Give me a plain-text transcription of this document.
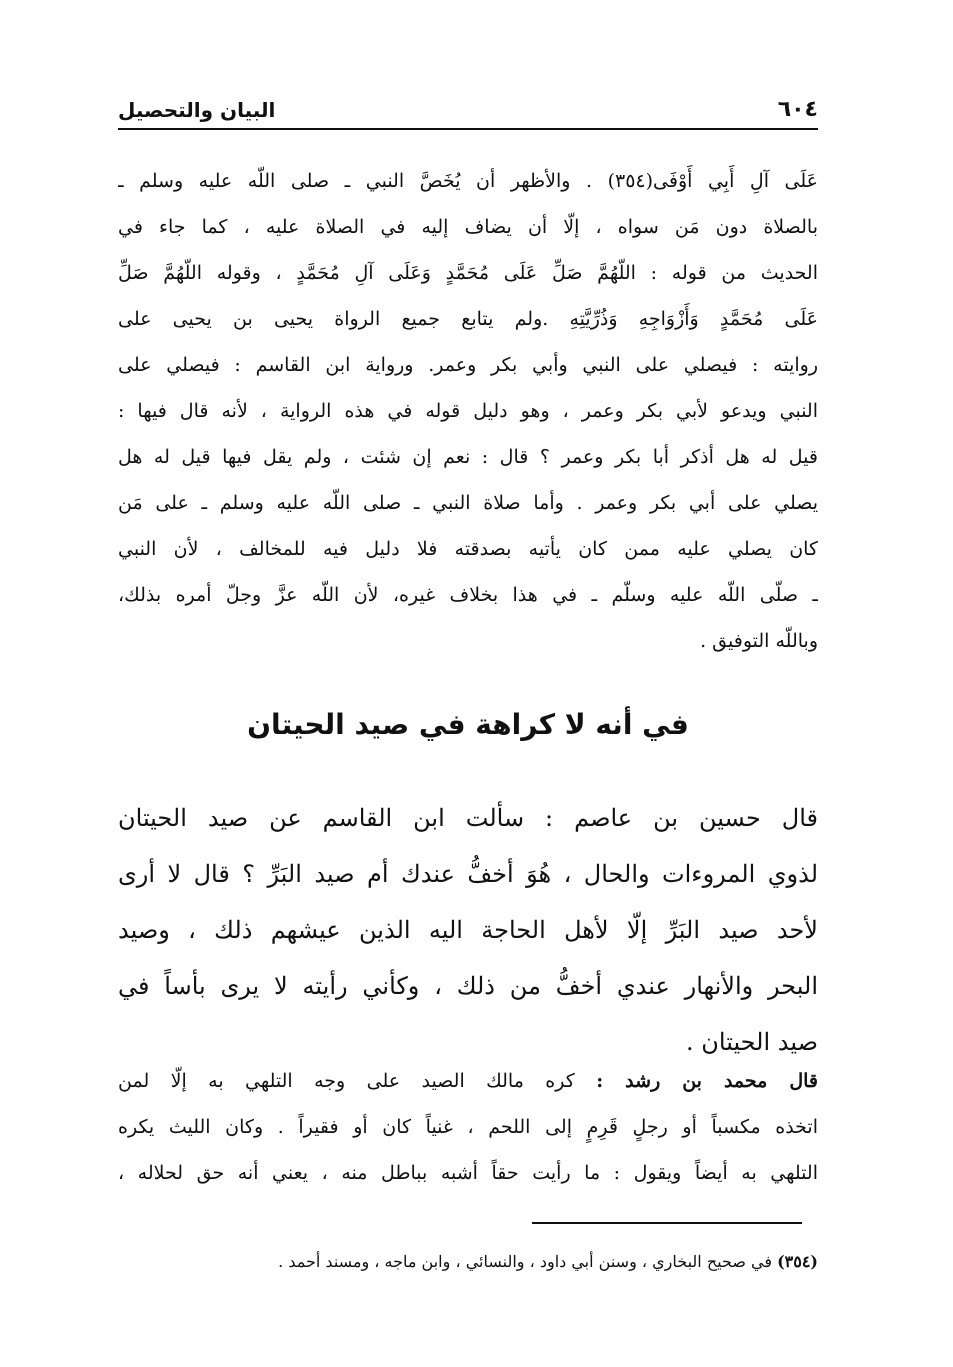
٦٠٤
البيان والتحصيل
عَلَى آلِ أَبِي أَوْفَى(٣٥٤) . والأظهر أن يُخَصَّ النبي ـ صلى اللّه عليه وسلم ـ
بالصلاة دون مَن سواه ، إلّا أن يضاف إليه في الصلاة عليه ، كما جاء في
الحديث من قوله : اللّهُمَّ صَلِّ عَلَى مُحَمَّدٍ وَعَلَى آلِ مُحَمَّدٍ ، وقوله اللّهُمَّ صَلِّ
عَلَى مُحَمَّدٍ وَأَزْوَاجِهِ وَذُرِّيَّتِهِ .ولم يتابع جميع الرواة يحيى بن يحيى على
روايته : فيصلي على النبي وأبي بكر وعمر. ورواية ابن القاسم : فيصلي على
النبي ويدعو لأبي بكر وعمر ، وهو دليل قوله في هذه الرواية ، لأنه قال فيها :
قيل له هل أذكر أبا بكر وعمر ؟ قال : نعم إن شئت ، ولم يقل فيها قيل له هل
يصلي على أبي بكر وعمر . وأما صلاة النبي ـ صلى اللّه عليه وسلم ـ على مَن
كان يصلي عليه ممن كان يأتيه بصدقته فلا دليل فيه للمخالف ، لأن النبي
ـ صلّى اللّه عليه وسلّم ـ في هذا بخلاف غيره، لأن اللّه عزَّ وجلّ أمره بذلك،
وباللّه التوفيق .
في أنه لا كراهة في صيد الحيتان
قال حسين بن عاصم : سألت ابن القاسم عن صيد الحيتان
لذوي المروءات والحال ، هُوَ أخفُّ عندك أم صيد البَرِّ ؟ قال لا أرى
لأحد صيد البَرِّ إلّا لأهل الحاجة اليه الذين عيشهم ذلك ، وصيد
البحر والأنهار عندي أخفُّ من ذلك ، وكأني رأيته لا يرى بأساً في
صيد الحيتان .
قال محمد بن رشد : كره مالك الصيد على وجه التلهي به إلّا لمن
اتخذه مكسباً أو رجلٍ قَرِمٍ إلى اللحم ، غنياً كان أو فقيراً . وكان الليث يكره
التلهي به أيضاً ويقول : ما رأيت حقاً أشبه بباطل منه ، يعني أنه حق لحلاله ،
(٣٥٤) في صحيح البخاري ، وسنن أبي داود ، والنسائي ، وابن ماجه ، ومسند أحمد .
